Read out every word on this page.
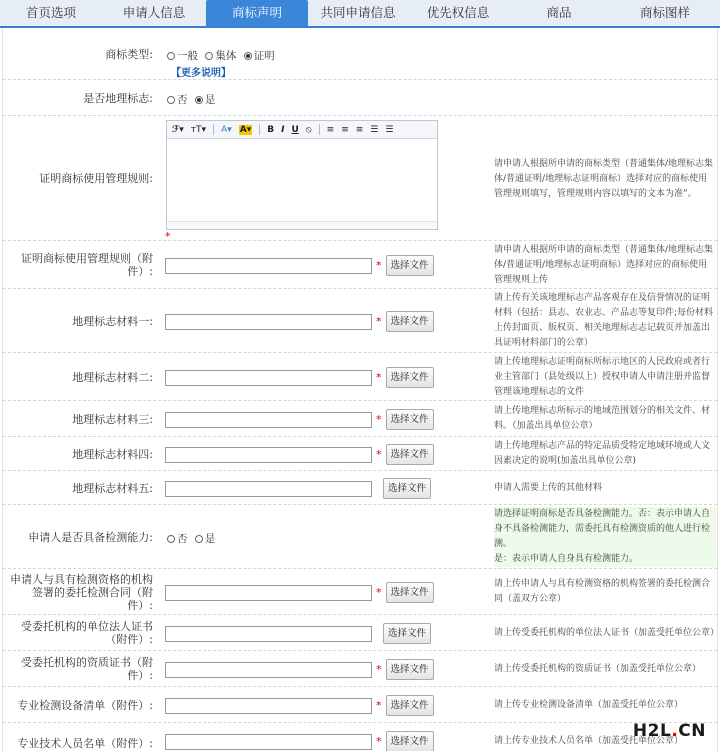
首页选项	申请人信息	商标声明	共同申请信息	优先权信息	商品	商标图样
商标类型:	一般 集体 证明
【更多说明】
是否地理标志:	否 是
证明商标使用管理规则:
ℱ▾ ᴛT▾ A▾ A▾ B I U ⦸ ≡ ≡ ≡ ☰ ☰
*
请申请人根据所申请的商标类型（普通集体/地理标志集体/普通证明/地理标志证明商标）选择对应的商标使用管理规则填写，管理规则内容以填写的文本为准”。
证明商标使用管理规则（附件）:	* 选择文件
请申请人根据所申请的商标类型（普通集体/地理标志集体/普通证明/地理标志证明商标）选择对应的商标使用管理规则上传
地理标志材料一:	* 选择文件
请上传有关该地理标志产品客观存在及信誉情况的证明材料（包括：县志、农业志、产品志等复印件;每份材料上传封面页、版权页、相关地理标志志记载页并加盖出具证明材料部门的公章）
地理标志材料二:	* 选择文件
请上传地理标志证明商标所标示地区的人民政府或者行业主管部门（县处级以上）授权申请人申请注册并监督管理该地理标志的文件
地理标志材料三:	* 选择文件
请上传地理标志所标示的地域范围划分的相关文件、材料。（加盖出具单位公章）
地理标志材料四:	* 选择文件
请上传地理标志产品的特定品质受特定地域环境或人文因素决定的说明(加盖出具单位公章)
地理标志材料五:	选择文件	申请人需要上传的其他材料
申请人是否具备检测能力:	否 是
请选择证明商标是否具备检测能力。否：表示申请人自身不具备检测能力，需委托具有检测资质的他人进行检测。
是：表示申请人自身具有检测能力。
申请人与具有检测资格的机构签署的委托检测合同（附件）:
* 选择文件
请上传申请人与具有检测资格的机构签署的委托检测合同（盖双方公章）
受委托机构的单位法人证书（附件）:	选择文件	请上传受委托机构的单位法人证书（加盖受托单位公章）
受委托机构的资质证书（附件）:	* 选择文件	请上传受委托机构的资质证书（加盖受托单位公章）
专业检测设备清单（附件）:	* 选择文件	请上传专业检测设备清单（加盖受托单位公章）
专业技术人员名单（附件）:	* 选择文件	请上传专业技术人员名单（加盖受托单位公章）
H2L.CN
